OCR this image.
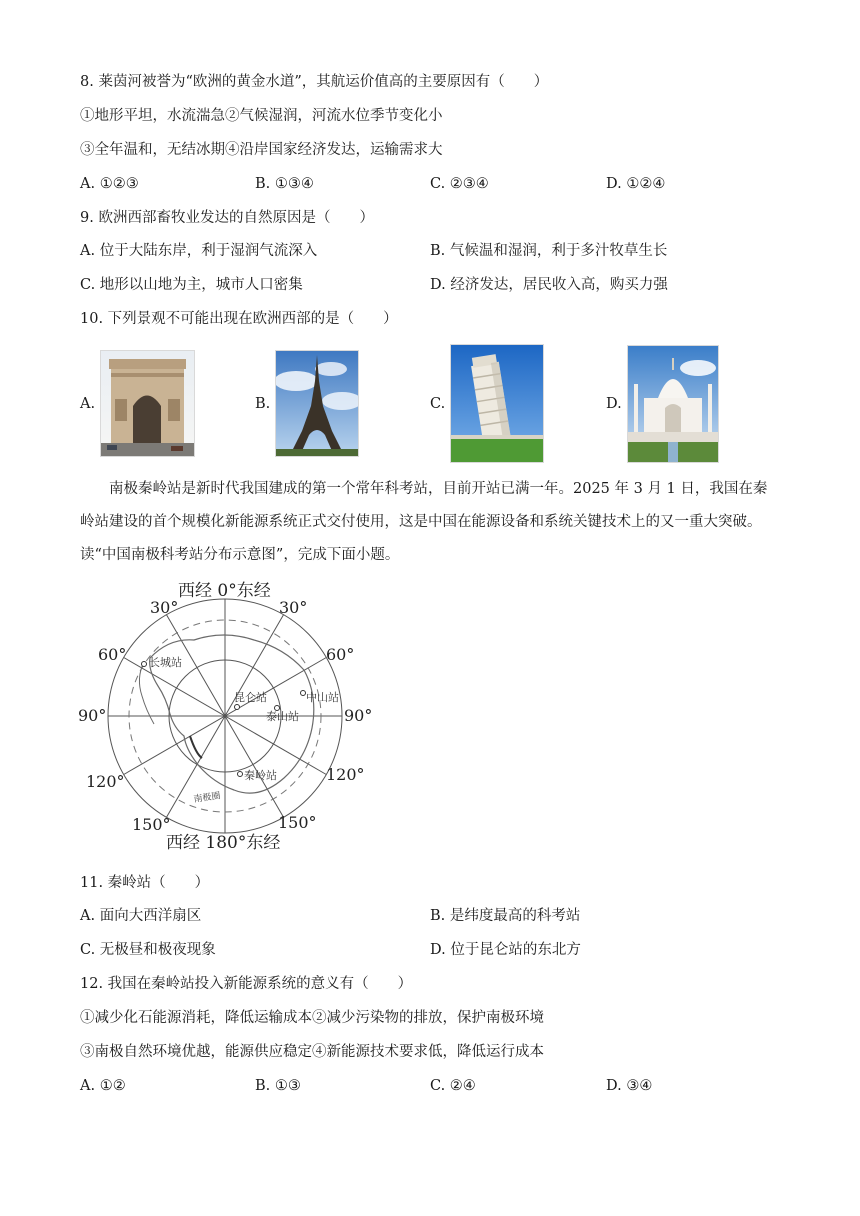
8. 莱茵河被誉为“欧洲的黄金水道”，其航运价值高的主要原因有（　　）
①地形平坦，水流湍急②气候湿润，河流水位季节变化小
③全年温和，无结冰期④沿岸国家经济发达，运输需求大
A. ①②③	B. ①③④	C. ②③④	D. ①②④
9. 欧洲西部畜牧业发达的自然原因是（　　）
A. 位于大陆东岸，利于湿润气流深入	B. 气候温和湿润，利于多汁牧草生长
C. 地形以山地为主，城市人口密集	D. 经济发达，居民收入高，购买力强
10. 下列景观不可能出现在欧洲西部的是（　　）
A.	B.	C.	D.
南极秦岭站是新时代我国建成的第一个常年科考站，目前开站已满一年。2025 年 3 月 1 日，我国在秦
岭站建设的首个规模化新能源系统正式交付使用，这是中国在能源设备和系统关键技术上的又一重大突破。
读“中国南极科考站分布示意图”，完成下面小题。
西经 0°东经
西经 180°东经
30°	30°
60°	60°
90°	90°
120°	120°
150°	150°
长城站
昆仑站	中山站
泰山站
秦岭站
南极圈
11. 秦岭站（　　）
A. 面向大西洋扇区	B. 是纬度最高的科考站
C. 无极昼和极夜现象	D. 位于昆仑站的东北方
12. 我国在秦岭站投入新能源系统的意义有（　　）
①减少化石能源消耗，降低运输成本②减少污染物的排放，保护南极环境
③南极自然环境优越，能源供应稳定④新能源技术要求低，降低运行成本
A. ①②	B. ①③	C. ②④	D. ③④
